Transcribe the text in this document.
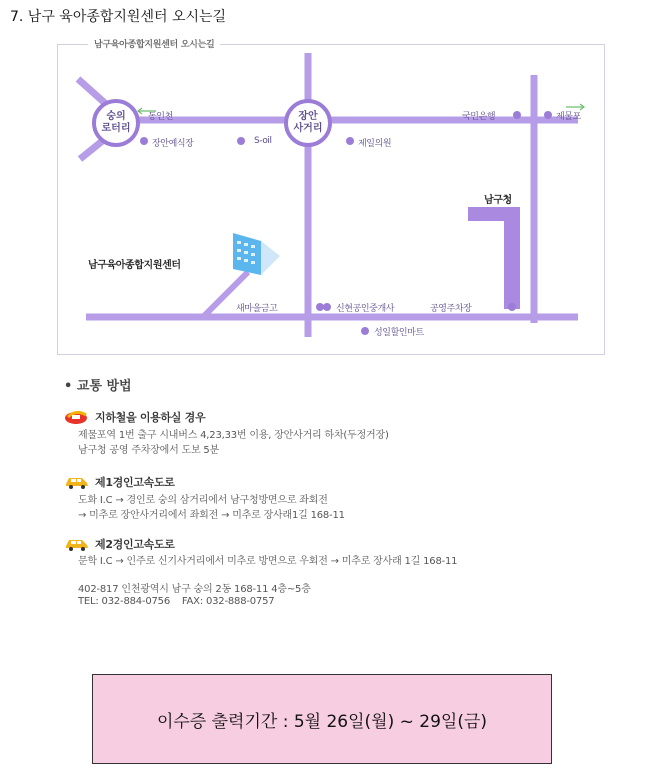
7. 남구 육아종합지원센터 오시는길
남구육아종합지원센터 오시는길
숭의
로터리
장안
사거리
동인천
장안예식장	S-oil	제일의원
국민은행	제물포
남구청
남구육아종합지원센터
새마을금고	신현공인중개사	공영주차장
성일할인마트
• 교통 방법
지하철을 이용하실 경우
제물포역 1번 출구 시내버스 4,23,33번 이용, 장안사거리 하차(두정거장)
남구청 공영 주차장에서 도보 5분
제1경인고속도로
도화 I.C → 경인로 숭의 삼거리에서 남구청방면으로 좌회전
→ 미추로 장안사거리에서 좌회전 → 미추로 장사래1길 168-11
제2경인고속도로
문학 I.C → 인주로 신기사거리에서 미추로 방면으로 우회전 → 미추로 장사래 1길 168-11
402-817 인천광역시 남구 숭의 2동 168-11 4층~5층
TEL: 032-884-0756    FAX: 032-888-0757
이수증 출력기간 : 5월 26일(월) ~ 29일(금)
